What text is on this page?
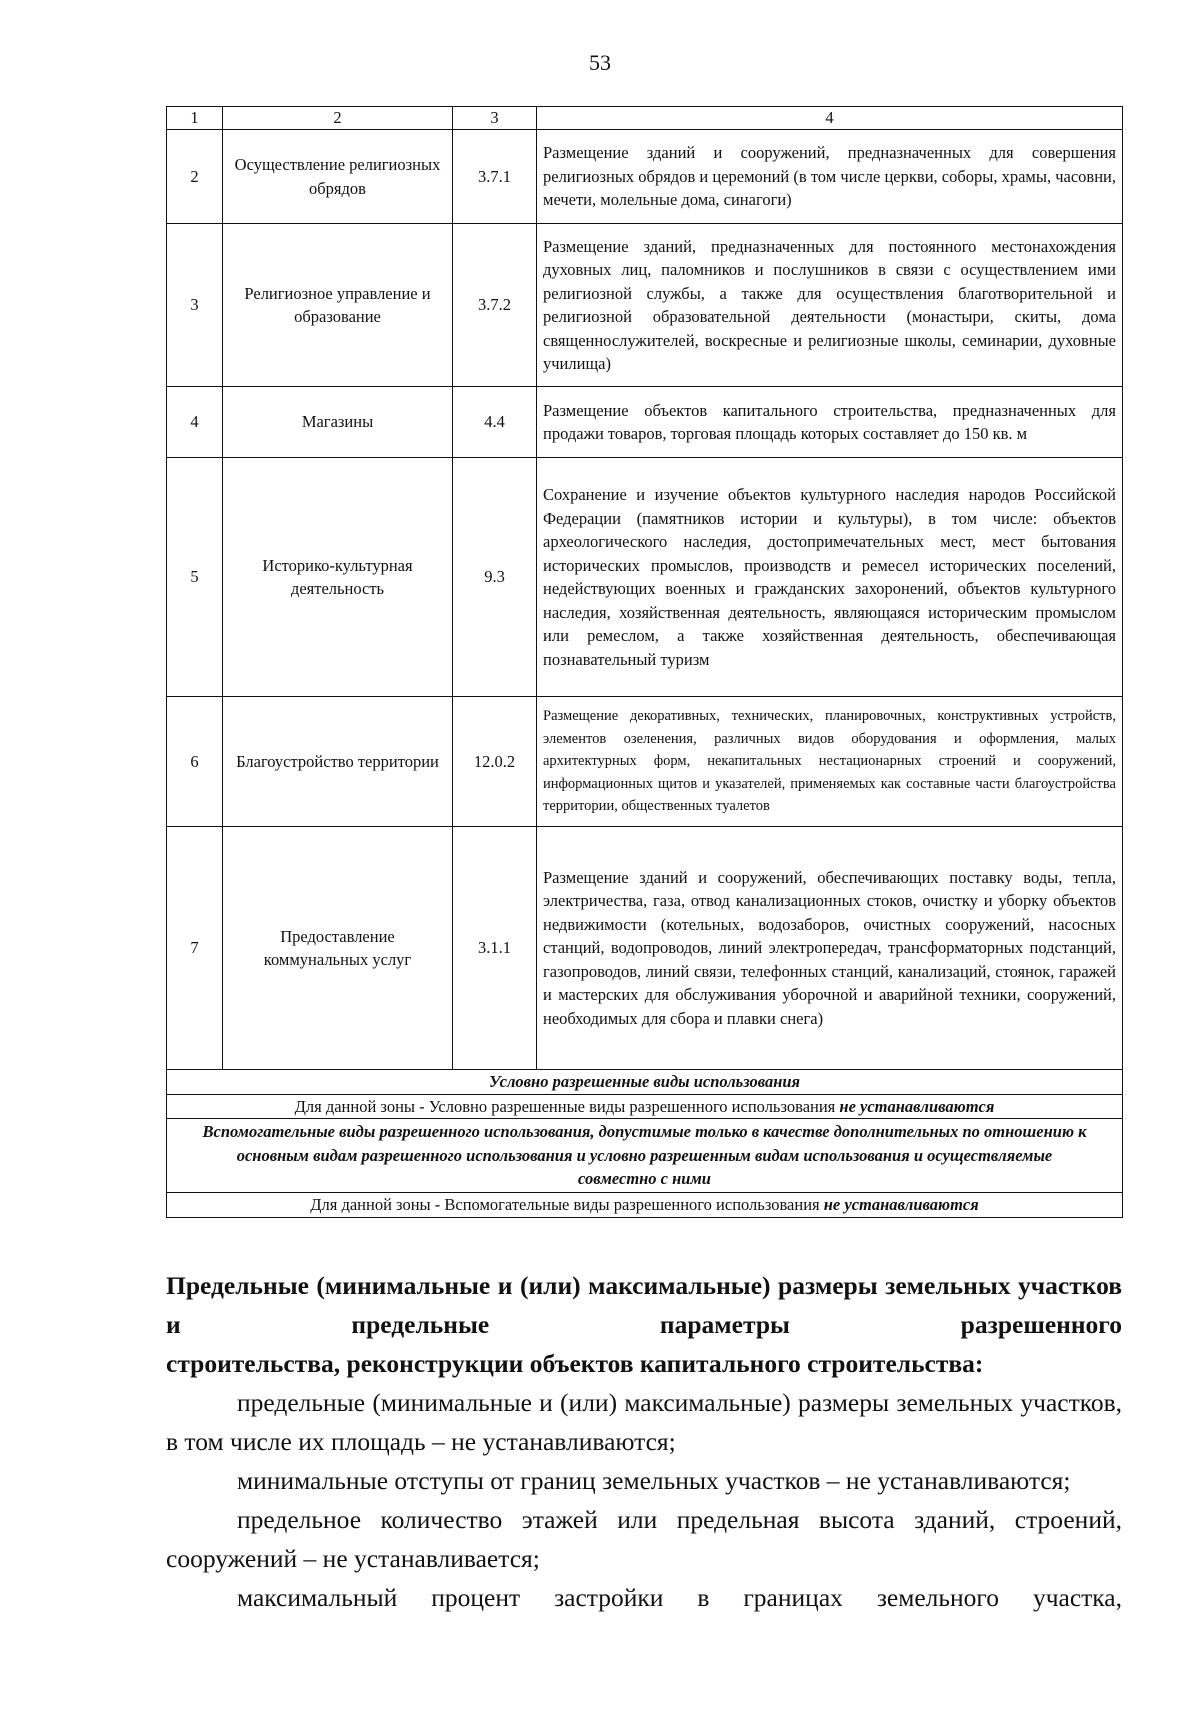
53
1	2	3	4
2	Осуществление религиозных обрядов	3.7.1	Размещение зданий и сооружений, предназначенных для совершения религиозных обрядов и церемоний (в том числе церкви, соборы, храмы, часовни, мечети, молельные дома, синагоги)
3	Религиозное управление и образование	3.7.2	Размещение зданий, предназначенных для постоянного местонахождения духовных лиц, паломников и послушников в связи с осуществлением ими религиозной службы, а также для осуществления благотворительной и религиозной образовательной деятельности (монастыри, скиты, дома священнослужителей, воскресные и религиозные школы, семинарии, духовные училища)
4	Магазины	4.4	Размещение объектов капитального строительства, предназначенных для продажи товаров, торговая площадь которых составляет до 150 кв. м
5	Историко-культурная деятельность	9.3	Сохранение и изучение объектов культурного наследия народов Российской Федерации (памятников истории и культуры), в том числе: объектов археологического наследия, достопримечательных мест, мест бытования исторических промыслов, производств и ремесел исторических поселений, недействующих военных и гражданских захоронений, объектов культурного наследия, хозяйственная деятельность, являющаяся историческим промыслом или ремеслом, а также хозяйственная деятельность, обеспечивающая познавательный туризм
6	Благоустройство территории	12.0.2	Размещение декоративных, технических, планировочных, конструктивных устройств, элементов озеленения, различных видов оборудования и оформления, малых архитектурных форм, некапитальных нестационарных строений и сооружений, информационных щитов и указателей, применяемых как составные части благоустройства территории, общественных туалетов
7	Предоставление коммунальных услуг	3.1.1	Размещение зданий и сооружений, обеспечивающих поставку воды, тепла, электричества, газа, отвод канализационных стоков, очистку и уборку объектов недвижимости (котельных, водозаборов, очистных сооружений, насосных станций, водопроводов, линий электропередач, трансформаторных подстанций, газопроводов, линий связи, телефонных станций, канализаций, стоянок, гаражей и мастерских для обслуживания уборочной и аварийной техники, сооружений, необходимых для сбора и плавки снега)
Условно разрешенные виды использования			
Для данной зоны - Условно разрешенные виды разрешенного использования не устанавливаются			
Вспомогательные виды разрешенного использования, допустимые только в качестве дополнительных по отношению к основным видам разрешенного использования и условно разрешенным видам использования и осуществляемые совместно с ними			
Для данной зоны - Вспомогательные виды разрешенного использования не устанавливаются			
Предельные (минимальные и (или) максимальные) размеры земельных участков и предельные параметры разрешенного
строительства, реконструкции объектов капитального строительства:

предельные (минимальные и (или) максимальные) размеры земельных участков, в том числе их площадь – не устанавливаются;

минимальные отступы от границ земельных участков – не устанавливаются;

предельное количество этажей или предельная высота зданий, строений, сооружений – не устанавливается;

максимальный процент застройки в границах земельного участка,
